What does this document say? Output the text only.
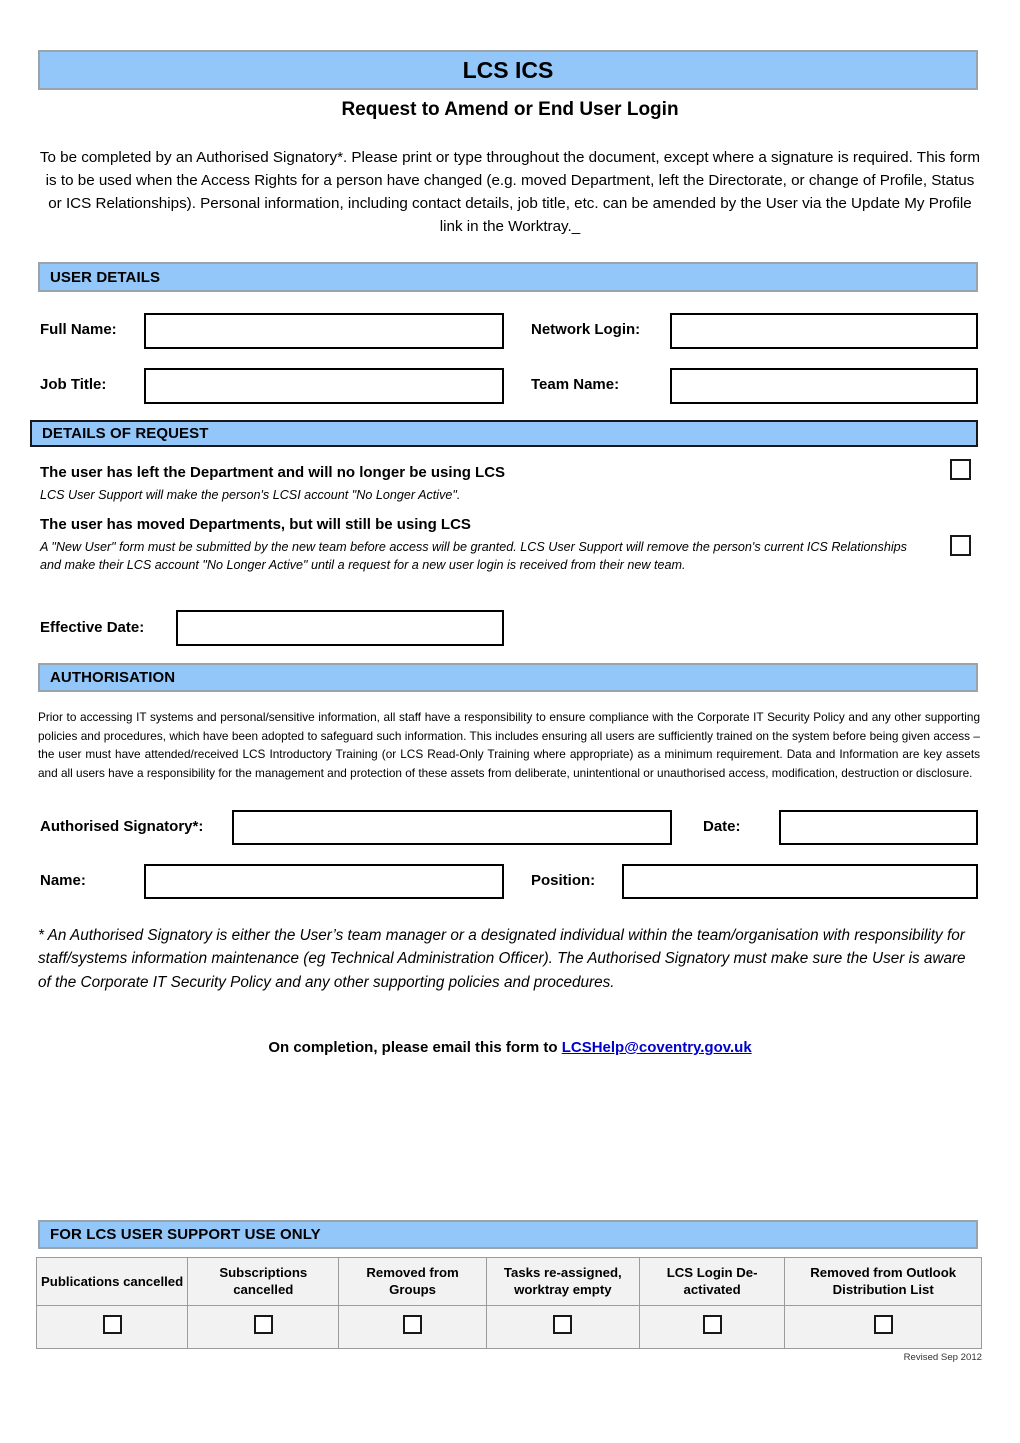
LCS ICS
Request to Amend or End User Login
To be completed by an Authorised Signatory*. Please print or type throughout the document, except where a signature is required. This form is to be used when the Access Rights for a person have changed (e.g. moved Department, left the Directorate, or change of Profile, Status or ICS Relationships). Personal information, including contact details, job title, etc. can be amended by the User via the Update My Profile link in the Worktray._
USER DETAILS
Full Name:	Network Login:
Job Title:	Team Name:
DETAILS OF REQUEST
The user has left the Department and will no longer be using LCS
LCS User Support will make the person's LCSI account "No Longer Active".
The user has moved Departments, but will still be using LCS
A "New User" form must be submitted by the new team before access will be granted. LCS User Support will remove the person's current ICS Relationships and make their LCS account "No Longer Active" until a request for a new user login is received from their new team.
Effective Date:
AUTHORISATION
Prior to accessing IT systems and personal/sensitive information, all staff have a responsibility to ensure compliance with the Corporate IT Security Policy and any other supporting policies and procedures, which have been adopted to safeguard such information. This includes ensuring all users are sufficiently trained on the system before being given access – the user must have attended/received LCS Introductory Training (or LCS Read-Only Training where appropriate) as a minimum requirement. Data and Information are key assets and all users have a responsibility for the management and protection of these assets from deliberate, unintentional or unauthorised access, modification, destruction or disclosure.
Authorised Signatory*:	Date:
Name:	Position:
* An Authorised Signatory is either the User’s team manager or a designated individual within the team/organisation with responsibility for staff/systems information maintenance (eg Technical Administration Officer). The Authorised Signatory must make sure the User is aware of the Corporate IT Security Policy and any other supporting policies and procedures.
On completion, please email this form to LCSHelp@coventry.gov.uk
FOR LCS USER SUPPORT USE ONLY
Publications cancelled	Subscriptions cancelled	Removed from Groups	Tasks re-assigned, worktray empty	LCS Login De-activated	Removed from Outlook Distribution List

Revised Sep 2012
